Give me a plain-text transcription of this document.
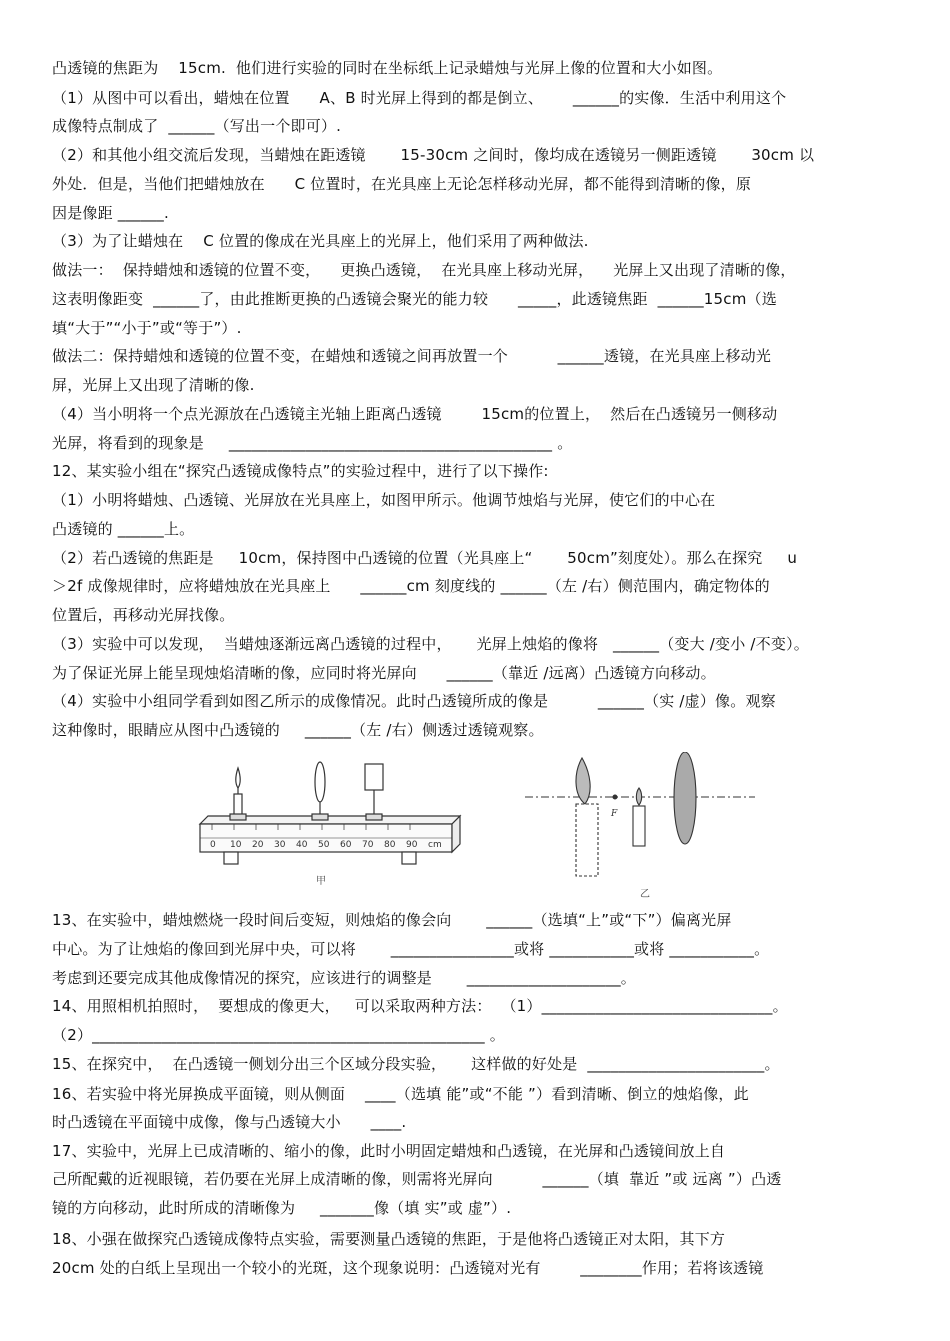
凸透镜的焦距为    15cm.  他们进行实验的同时在坐标纸上记录蜡烛与光屏上像的位置和大小如图。
（1）从图中可以看出，蜡烛在位置      A、B 时光屏上得到的都是倒立、      ______的实像．生活中利用这个
成像特点制成了  ______（写出一个即可）.
（2）和其他小组交流后发现，当蜡烛在距透镜       15-30cm 之间时，像均成在透镜另一侧距透镜       30cm 以
外处．但是，当他们把蜡烛放在      C 位置时，在光具座上无论怎样移动光屏，都不能得到清晰的像，原
因是像距 ______.
（3）为了让蜡烛在    C 位置的像成在光具座上的光屏上，他们采用了两种做法.
做法一：  保持蜡烛和透镜的位置不变，    更换凸透镜，  在光具座上移动光屏，    光屏上又出现了清晰的像，
这表明像距变  ______了，由此推断更换的凸透镜会聚光的能力较      _____，此透镜焦距  ______15cm（选
填“大于”“小于”或“等于”）.
做法二：保持蜡烛和透镜的位置不变，在蜡烛和透镜之间再放置一个          ______透镜，在光具座上移动光
屏，光屏上又出现了清晰的像.
（4）当小明将一个点光源放在凸透镜主光轴上距离凸透镜        15cm的位置上，  然后在凸透镜另一侧移动
光屏，将看到的现象是     __________________________________________ 。
12、某实验小组在“探究凸透镜成像特点”的实验过程中，进行了以下操作:
（1）小明将蜡烛、凸透镜、光屏放在光具座上，如图甲所示。他调节烛焰与光屏，使它们的中心在
凸透镜的 ______上。
（2）若凸透镜的焦距是     10cm，保持图中凸透镜的位置（光具座上“       50cm”刻度处）。那么在探究     u
＞2f 成像规律时，应将蜡烛放在光具座上      ______cm 刻度线的 ______（左 /右）侧范围内，确定物体的
位置后，再移动光屏找像。
（3）实验中可以发现，  当蜡烛逐渐远离凸透镜的过程中，     光屏上烛焰的像将   ______（变大 /变小 /不变）。
为了保证光屏上能呈现烛焰清晰的像，应同时将光屏向      ______（靠近 /远离）凸透镜方向移动。
（4）实验中小组同学看到如图乙所示的成像情况。此时凸透镜所成的像是          ______（实 /虚）像。观察
这种像时，眼睛应从图中凸透镜的     ______（左 /右）侧透过透镜观察。
0 10 20 30 40 50 60 70 80 90 cm
甲
F
乙
13、在实验中，蜡烛燃烧一段时间后变短，则烛焰的像会向       ______（选填“上”或“下”）偏离光屏
中心。为了让烛焰的像回到光屏中央，可以将       ________________或将 ___________或将 ___________。
考虑到还要完成其他成像情况的探究，应该进行的调整是       ____________________。
14、用照相机拍照时，  要想成的像更大，   可以采取两种方法：  （1）______________________________。
（2）___________________________________________________ 。
15、在探究中，  在凸透镜一侧划分出三个区域分段实验，     这样做的好处是  _______________________。
16、若实验中将光屏换成平面镜，则从侧面    ____（选填 能”或“不能 ”）看到清晰、倒立的烛焰像，此
时凸透镜在平面镜中成像，像与凸透镜大小      ____.
17、实验中，光屏上已成清晰的、缩小的像，此时小明固定蜡烛和凸透镜，在光屏和凸透镜间放上自
己所配戴的近视眼镜，若仍要在光屏上成清晰的像，则需将光屏向          ______（填  靠近 ”或 远离 ”）凸透
镜的方向移动，此时所成的清晰像为     _______像（填 实”或 虚”）.
18、小强在做探究凸透镜成像特点实验，需要测量凸透镜的焦距，于是他将凸透镜正对太阳，其下方
20cm 处的白纸上呈现出一个较小的光斑，这个现象说明：凸透镜对光有        ________作用；若将该透镜
